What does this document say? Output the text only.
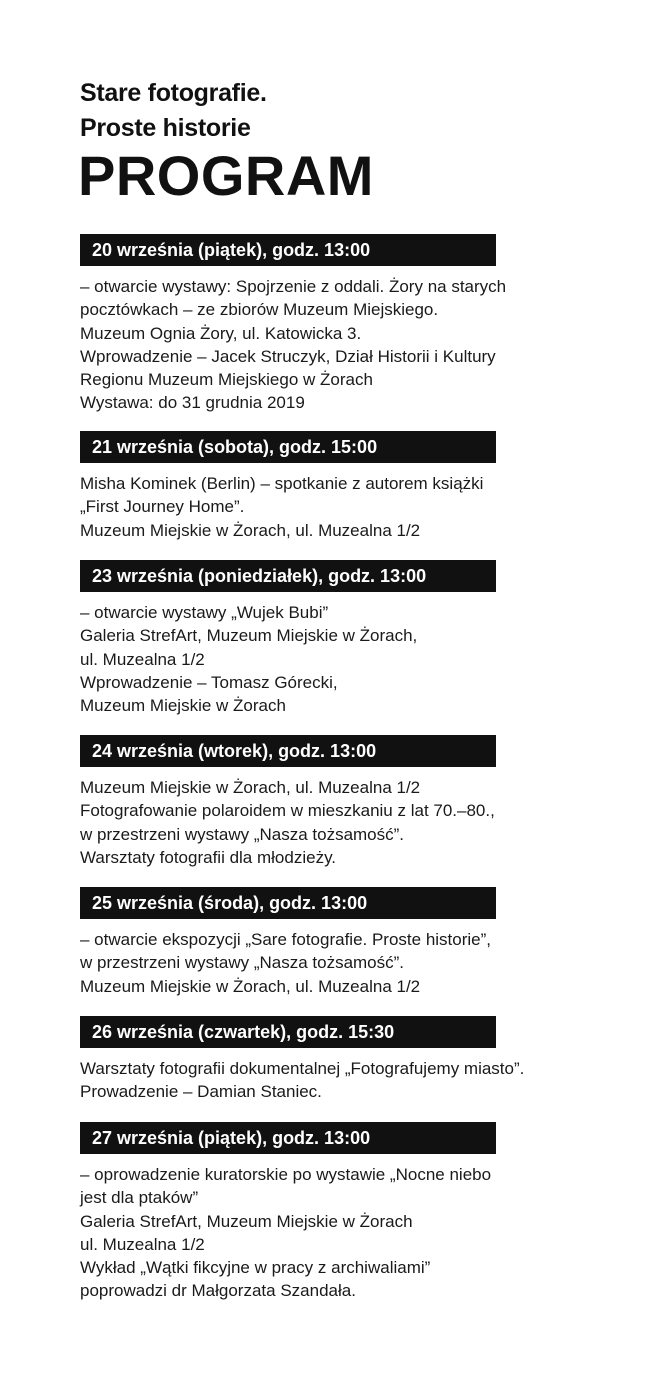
Stare fotografie.
Proste historie
PROGRAM
20 września (piątek), godz. 13:00
– otwarcie wystawy: Spojrzenie z oddali. Żory na starych
pocztówkach – ze zbiorów Muzeum Miejskiego.
Muzeum Ognia Żory, ul. Katowicka 3.
Wprowadzenie – Jacek Struczyk, Dział Historii i Kultury
Regionu Muzeum Miejskiego w Żorach
Wystawa: do 31 grudnia 2019
21 września (sobota), godz. 15:00
Misha Kominek (Berlin) – spotkanie z autorem książki
„First Journey Home”.
Muzeum Miejskie w Żorach, ul. Muzealna 1/2
23 września (poniedziałek), godz. 13:00
– otwarcie wystawy „Wujek Bubi”
Galeria StrefArt, Muzeum Miejskie w Żorach,
ul. Muzealna 1/2
Wprowadzenie – Tomasz Górecki,
Muzeum Miejskie w Żorach
24 września (wtorek), godz. 13:00
Muzeum Miejskie w Żorach, ul. Muzealna 1/2
Fotografowanie polaroidem w mieszkaniu z lat 70.–80.,
w przestrzeni wystawy „Nasza tożsamość”.
Warsztaty fotografii dla młodzieży.
25 września (środa), godz. 13:00
– otwarcie ekspozycji „Sare fotografie. Proste historie”,
w przestrzeni wystawy „Nasza tożsamość”.
Muzeum Miejskie w Żorach, ul. Muzealna 1/2
26 września (czwartek), godz. 15:30
Warsztaty fotografii dokumentalnej „Fotografujemy miasto”.
Prowadzenie – Damian Staniec.
27 września (piątek), godz. 13:00
– oprowadzenie kuratorskie po wystawie „Nocne niebo
jest dla ptaków”
Galeria StrefArt, Muzeum Miejskie w Żorach
ul. Muzealna 1/2
Wykład „Wątki fikcyjne w pracy z archiwaliami”
poprowadzi dr Małgorzata Szandała.
